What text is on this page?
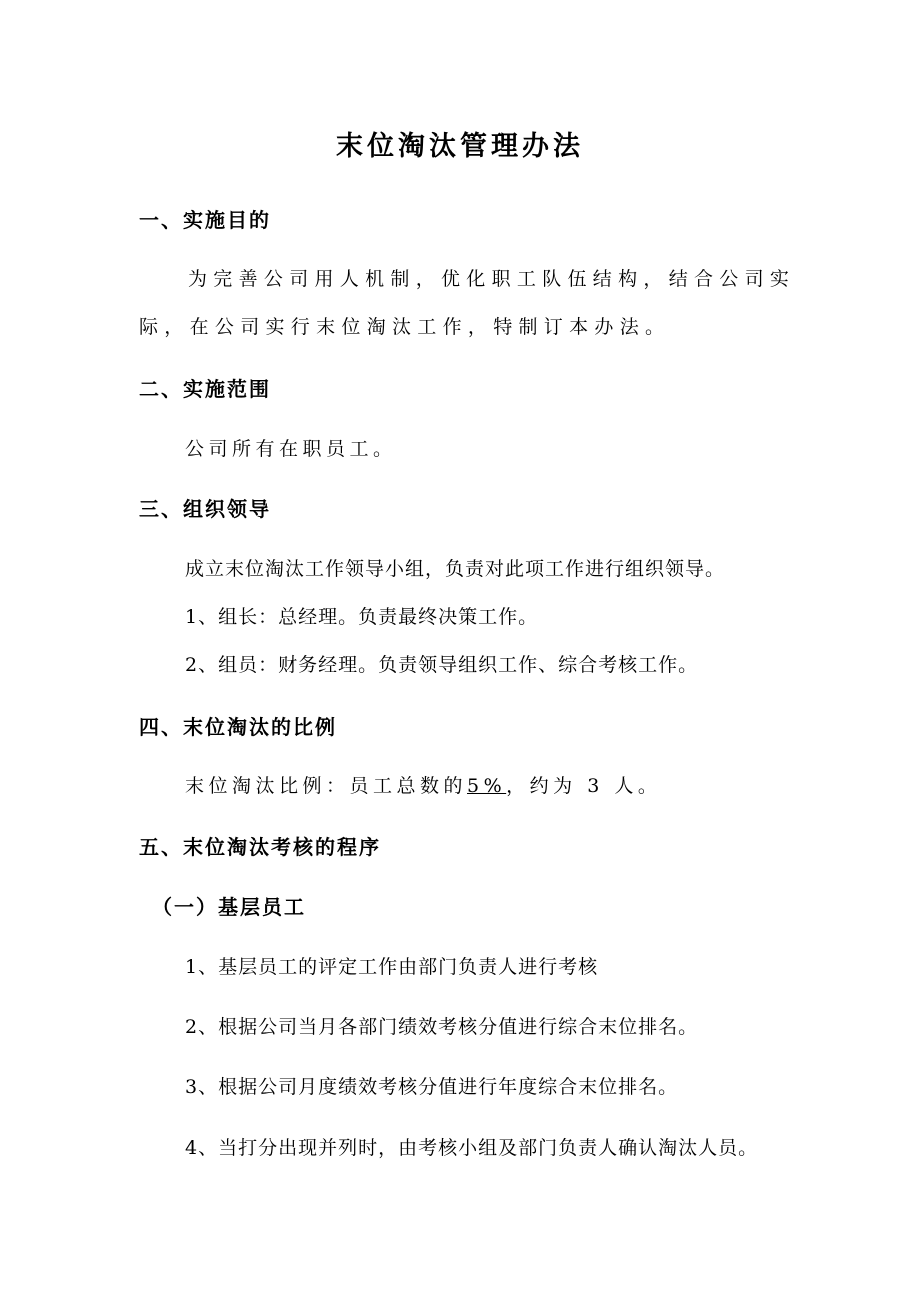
末位淘汰管理办法
一、实施目的
为完善公司用人机制，优化职工队伍结构，结合公司实
际，在公司实行末位淘汰工作，特制订本办法。
二、实施范围
公司所有在职员工。
三、组织领导
成立末位淘汰工作领导小组，负责对此项工作进行组织领导。
1、组长：总经理。负责最终决策工作。
2、组员：财务经理。负责领导组织工作、综合考核工作。
四、末位淘汰的比例
末位淘汰比例：员工总数的5%，约为 3 人。
五、末位淘汰考核的程序
（一）基层员工
1、基层员工的评定工作由部门负责人进行考核
2、根据公司当月各部门绩效考核分值进行综合末位排名。
3、根据公司月度绩效考核分值进行年度综合末位排名。
4、当打分出现并列时，由考核小组及部门负责人确认淘汰人员。
